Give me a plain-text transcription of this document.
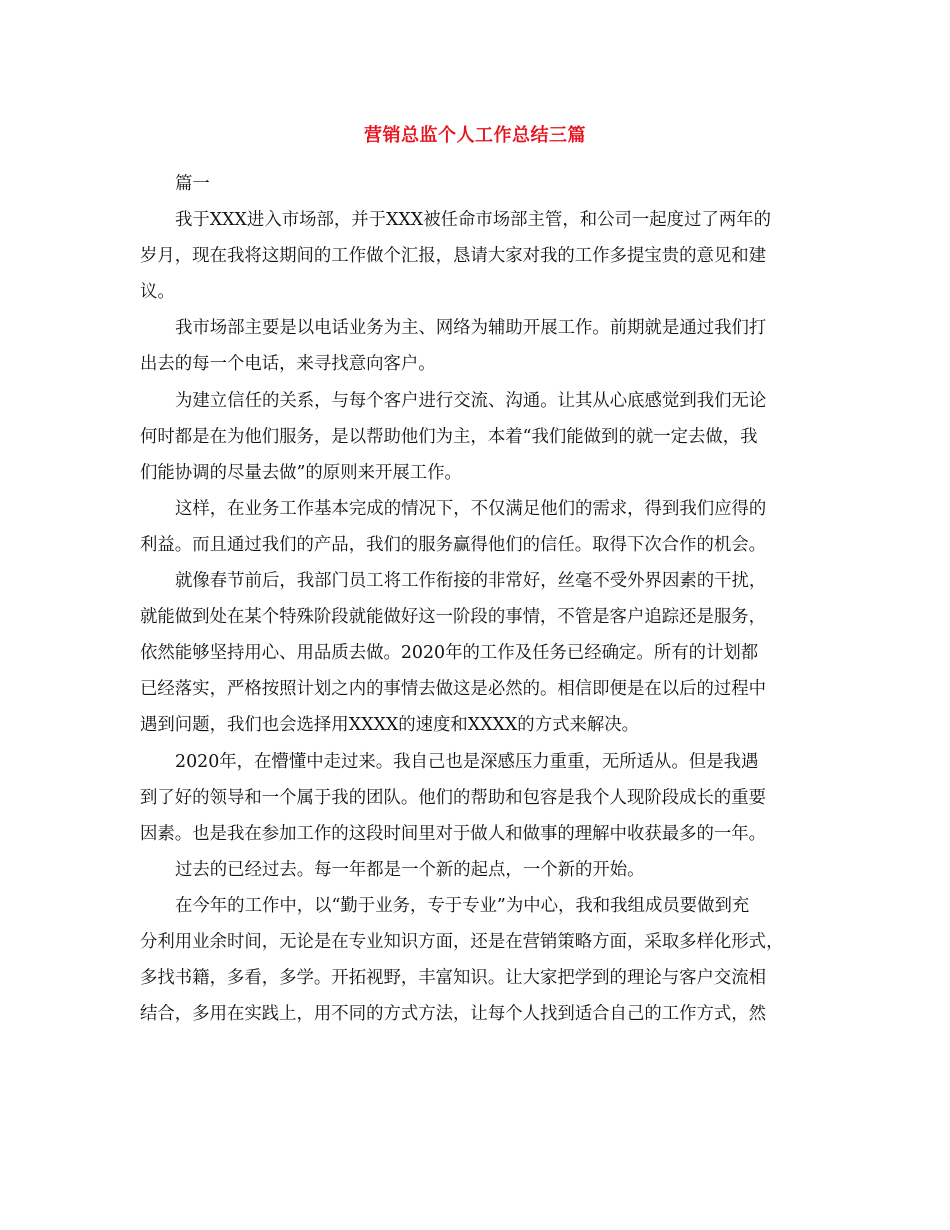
营销总监个人工作总结三篇

篇一

我于XXX进入市场部，并于XXX被任命市场部主管，和公司一起度过了两年的
岁月，现在我将这期间的工作做个汇报，恳请大家对我的工作多提宝贵的意见和建
议。

我市场部主要是以电话业务为主、网络为辅助开展工作。前期就是通过我们打
出去的每一个电话，来寻找意向客户。

为建立信任的关系，与每个客户进行交流、沟通。让其从心底感觉到我们无论
何时都是在为他们服务，是以帮助他们为主，本着“我们能做到的就一定去做，我
们能协调的尽量去做”的原则来开展工作。

这样，在业务工作基本完成的情况下，不仅满足他们的需求，得到我们应得的
利益。而且通过我们的产品，我们的服务赢得他们的信任。取得下次合作的机会。

就像春节前后，我部门员工将工作衔接的非常好，丝毫不受外界因素的干扰，
就能做到处在某个特殊阶段就能做好这一阶段的事情，不管是客户追踪还是服务，
依然能够坚持用心、用品质去做。2020年的工作及任务已经确定。所有的计划都
已经落实，严格按照计划之内的事情去做这是必然的。相信即便是在以后的过程中
遇到问题，我们也会选择用XXXX的速度和XXXX的方式来解决。

2020年，在懵懂中走过来。我自己也是深感压力重重，无所适从。但是我遇
到了好的领导和一个属于我的团队。他们的帮助和包容是我个人现阶段成长的重要
因素。也是我在参加工作的这段时间里对于做人和做事的理解中收获最多的一年。

过去的已经过去。每一年都是一个新的起点，一个新的开始。

在今年的工作中，以“勤于业务，专于专业”为中心，我和我组成员要做到充
分利用业余时间，无论是在专业知识方面，还是在营销策略方面，采取多样化形式，
多找书籍，多看，多学。开拓视野，丰富知识。让大家把学到的理论与客户交流相
结合，多用在实践上，用不同的方式方法，让每个人找到适合自己的工作方式，然
